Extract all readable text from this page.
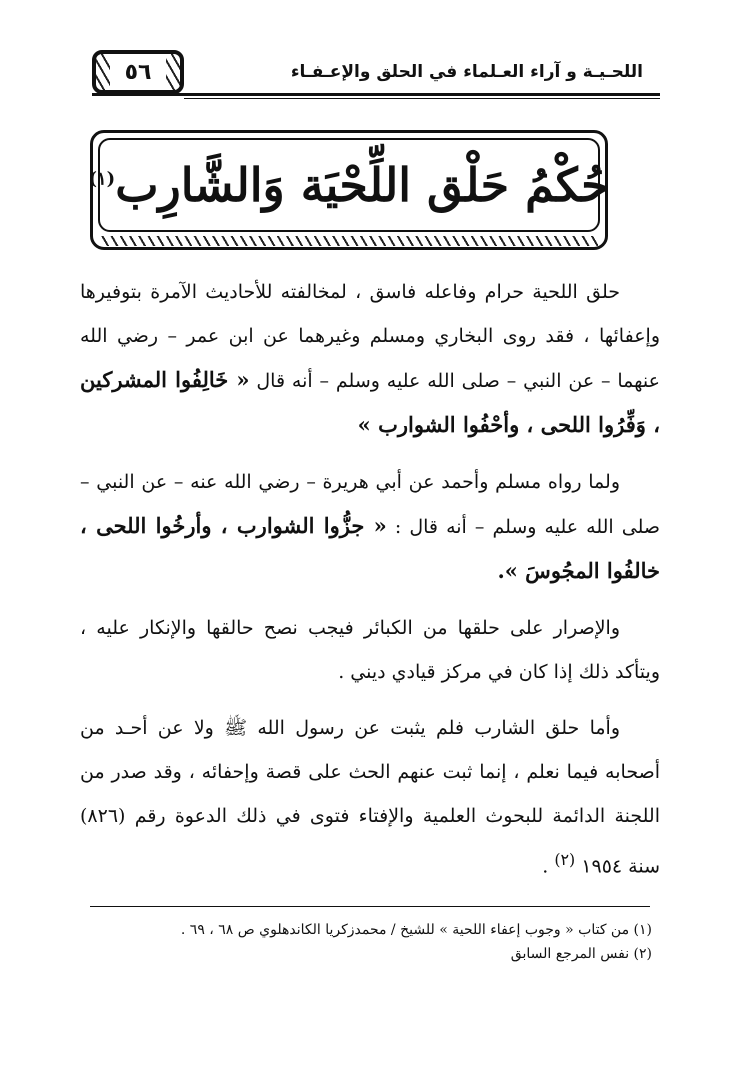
٥٦	اللحـيـة و آراء العـلماء في الحلق والإعـفـاء
حُكْمُ حَلْق اللِّحْيَة وَالشَّارِب$^{(١)}$

حلق اللحية حرام وفاعله فاسق ، لمخالفته للأحاديث الآمرة بتوفيرها وإعفائها ، فقد روى البخاري ومسلم وغيرهما عن ابن عمر – رضي الله عنهما – عن النبي – صلى الله عليه وسلم – أنه قال « خَالِفُوا المشركين ، وَفِّرُوا اللحى ، وأحْفُوا الشوارب »

ولما رواه مسلم وأحمد عن أبي هريرة – رضي الله عنه – عن النبي – صلى الله عليه وسلم – أنه قال : « جزُّوا الشوارب ، وأرخُوا اللحى ، خالفُوا المجُوسَ ».

والإصرار على حلقها من الكبائر فيجب نصح حالقها والإنكار عليه ، ويتأكد ذلك إذا كان في مركز قيادي ديني .

وأما حلق الشارب فلم يثبت عن رسول الله ﷺ ولا عن أحـد من أصحابه فيما نعلم ، إنما ثبت عنهم الحث على قصة وإحفائه ، وقد صدر من اللجنة الدائمة للبحوث العلمية والإفتاء فتوى في ذلك الدعوة رقم (٨٢٦) سنة ١٩٥٤ $^{(٢)}$ .

(١) من كتاب « وجوب إعفاء اللحية » للشيخ / محمدزكريا الكاندهلوي ص ٦٨ ، ٦٩ .
(٢) نفس المرجع السابق
